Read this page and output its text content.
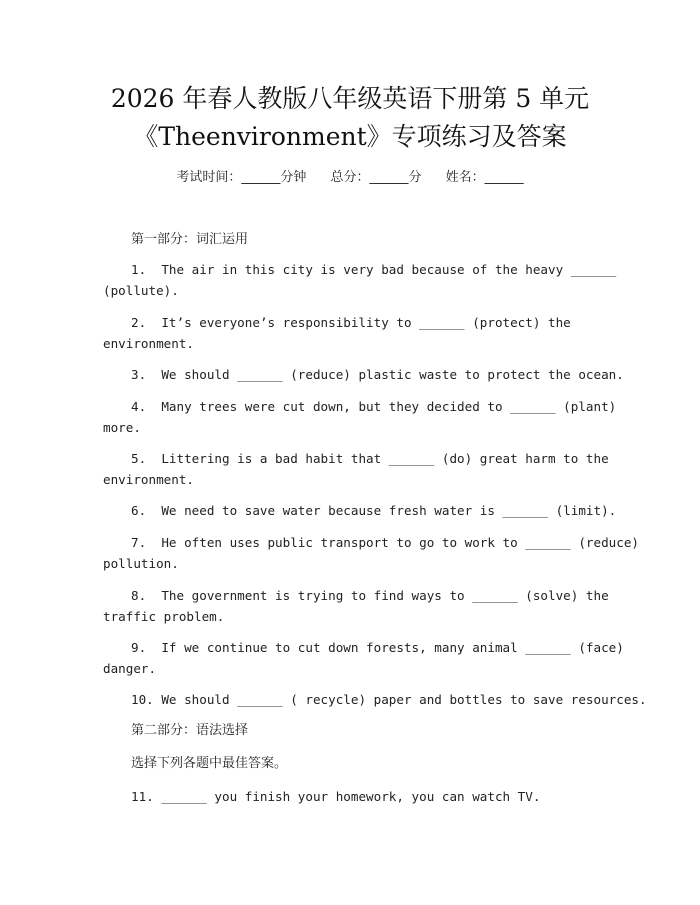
2026 年春人教版八年级英语下册第 5 单元
《Theenvironment》专项练习及答案
考试时间：______分钟 总分：______分 姓名：______
第一部分：词汇运用
1.  The air in this city is very bad because of the heavy ______
(pollute).
2.  It’s everyone’s responsibility to ______ (protect) the
environment.
3.  We should ______ (reduce) plastic waste to protect the ocean.
4.  Many trees were cut down, but they decided to ______ (plant)
more.
5.  Littering is a bad habit that ______ (do) great harm to the
environment.
6.  We need to save water because fresh water is ______ (limit).
7.  He often uses public transport to go to work to ______ (reduce)
pollution.
8.  The government is trying to find ways to ______ (solve) the
traffic problem.
9.  If we continue to cut down forests, many animal ______ (face)
danger.
10. We should ______ ( recycle) paper and bottles to save resources.
第二部分：语法选择
选择下列各题中最佳答案。
11. ______ you finish your homework, you can watch TV.
